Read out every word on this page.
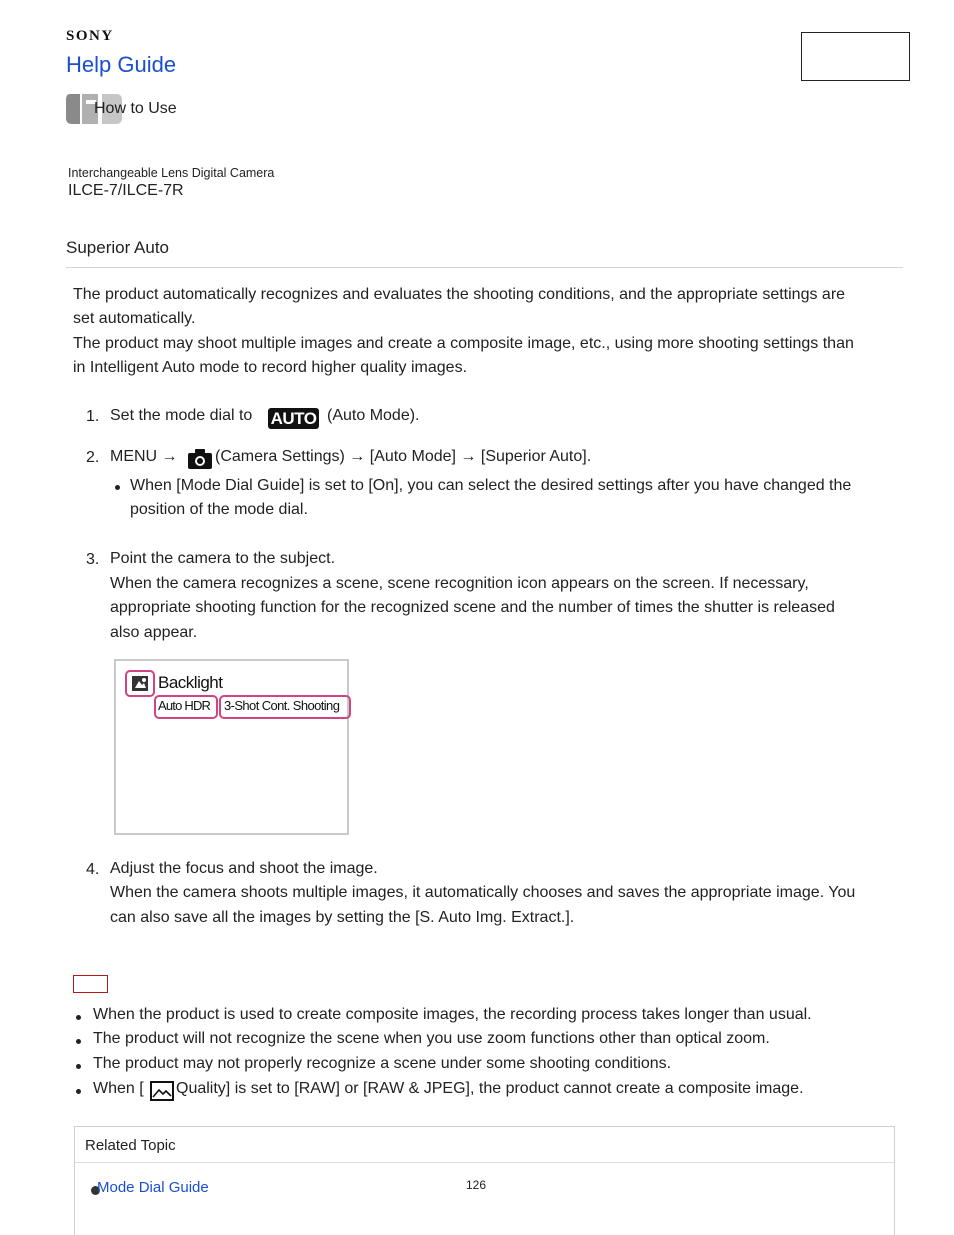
SONY
Help Guide
How to Use
Interchangeable Lens Digital Camera
ILCE-7/ILCE-7R
Superior Auto
The product automatically recognizes and evaluates the shooting conditions, and the appropriate settings are
set automatically.
The product may shoot multiple images and create a composite image, etc., using more shooting settings than
in Intelligent Auto mode to record higher quality images.
1. Set the mode dial to AUTO (Auto Mode).
2. MENU → (Camera Settings) → [Auto Mode] → [Superior Auto].
When [Mode Dial Guide] is set to [On], you can select the desired settings after you have changed the
position of the mode dial.
3. Point the camera to the subject.
When the camera recognizes a scene, scene recognition icon appears on the screen. If necessary,
appropriate shooting function for the recognized scene and the number of times the shutter is released
also appear.
Backlight
Auto HDR 3-Shot Cont. Shooting
4. Adjust the focus and shoot the image.
When the camera shoots multiple images, it automatically chooses and saves the appropriate image. You
can also save all the images by setting the [S. Auto Img. Extract.].
When the product is used to create composite images, the recording process takes longer than usual.
The product will not recognize the scene when you use zoom functions other than optical zoom.
The product may not properly recognize a scene under some shooting conditions.
When [ Quality] is set to [RAW] or [RAW & JPEG], the product cannot create a composite image.
Related Topic
Mode Dial Guide	126
